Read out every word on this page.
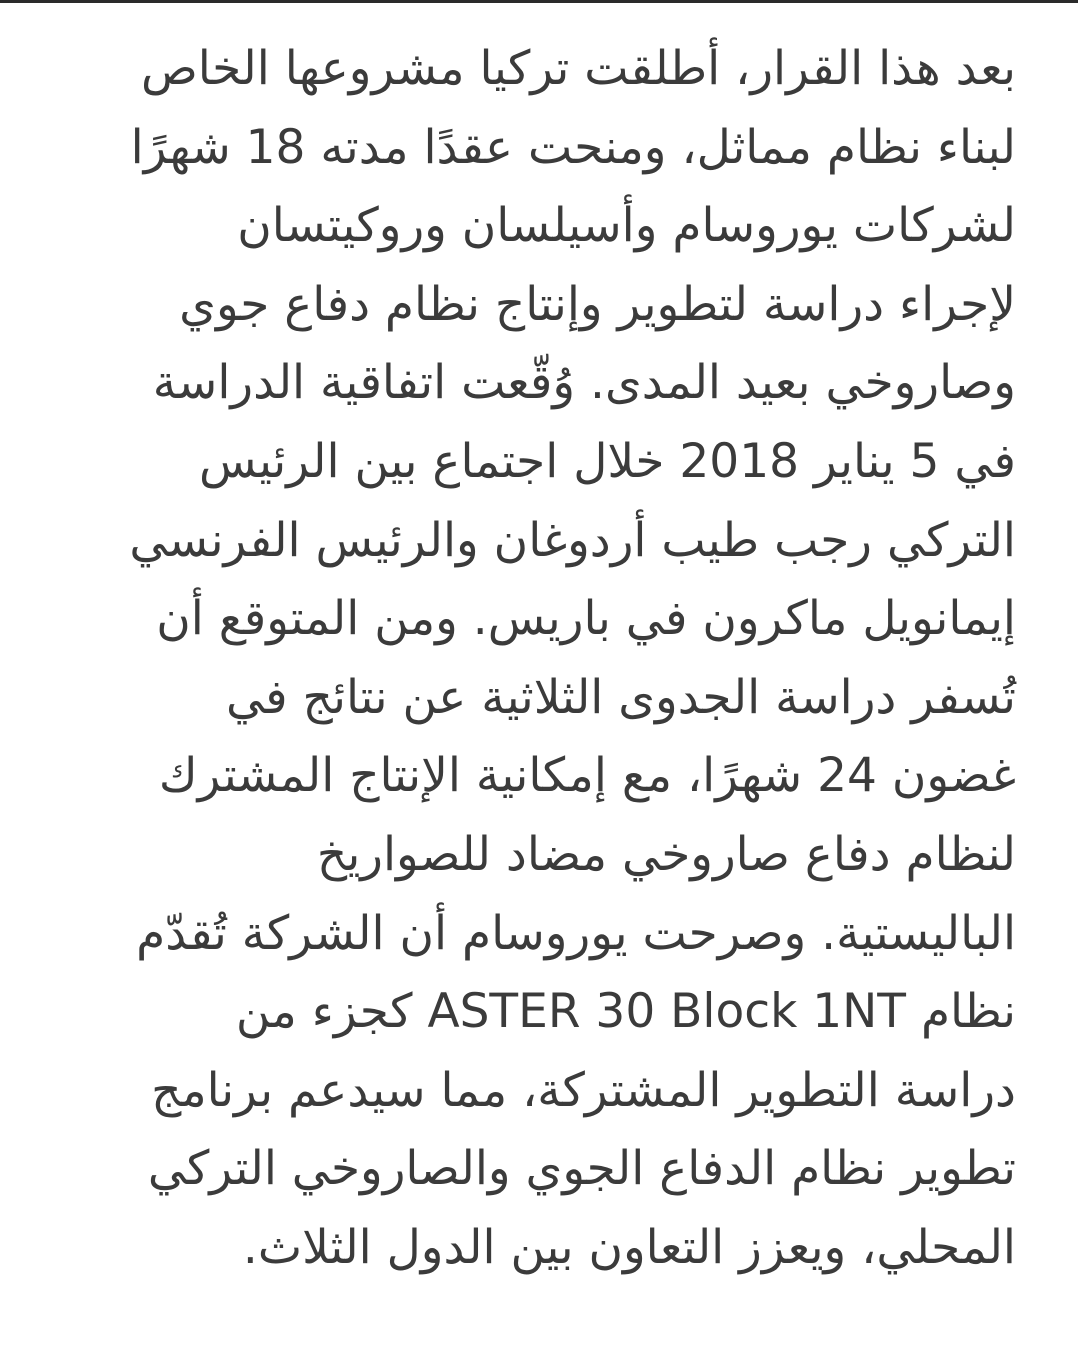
بعد هذا القرار، أطلقت تركيا مشروعها الخاص
لبناء نظام مماثل، ومنحت عقدًا مدته 18 شهرًا
لشركات يوروسام وأسيلسان وروكيتسان
لإجراء دراسة لتطوير وإنتاج نظام دفاع جوي
وصاروخي بعيد المدى. وُقّعت اتفاقية الدراسة
في 5 يناير 2018 خلال اجتماع بين الرئيس
التركي رجب طيب أردوغان والرئيس الفرنسي
إيمانويل ماكرون في باريس. ومن المتوقع أن
تُسفر دراسة الجدوى الثلاثية عن نتائج في
غضون 24 شهرًا، مع إمكانية الإنتاج المشترك
لنظام دفاع صاروخي مضاد للصواريخ
الباليستية. وصرحت يوروسام أن الشركة تُقدّم
نظام ASTER 30 Block 1NT كجزء من
دراسة التطوير المشتركة، مما سيدعم برنامج
تطوير نظام الدفاع الجوي والصاروخي التركي
المحلي، ويعزز التعاون بين الدول الثلاث.
